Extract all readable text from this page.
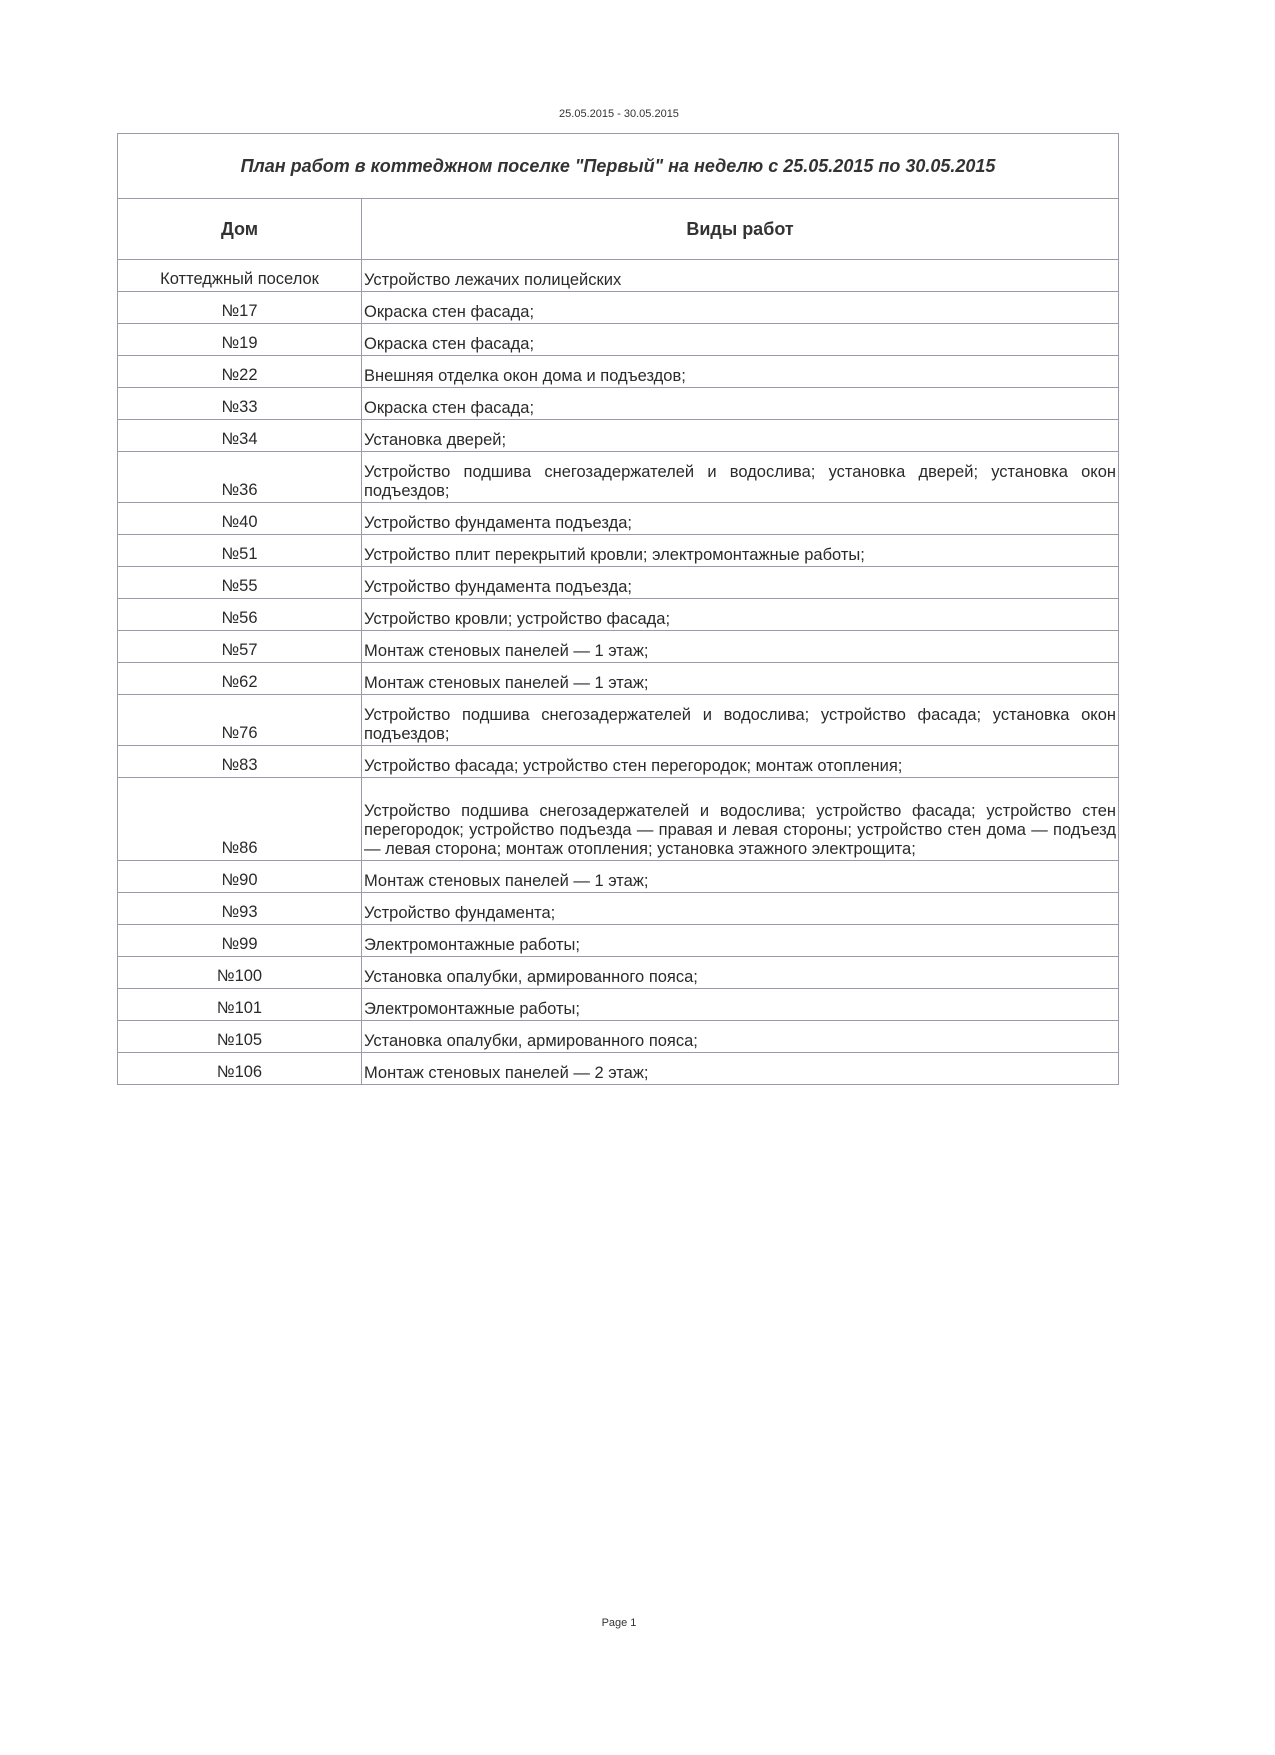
25.05.2015 - 30.05.2015
План работ в коттеджном поселке "Первый" на неделю с 25.05.2015 по 30.05.2015	
Дом	Виды работ
Коттеджный поселок	Устройство лежачих полицейских
№17	Окраска стен фасада;
№19	Окраска стен фасада;
№22	Внешняя отделка окон дома и подъездов;
№33	Окраска стен фасада;
№34	Установка дверей;
№36	Устройство подшива снегозадержателей и водослива; установка дверей; установка окон подъездов;
№40	Устройство фундамента подъезда;
№51	Устройство плит перекрытий кровли; электромонтажные работы;
№55	Устройство фундамента подъезда;
№56	Устройство кровли; устройство фасада;
№57	Монтаж стеновых панелей — 1 этаж;
№62	Монтаж стеновых панелей — 1 этаж;
№76	Устройство подшива снегозадержателей и водослива; устройство фасада; установка окон подъездов;
№83	Устройство фасада; устройство стен перегородок; монтаж отопления;
№86	Устройство подшива снегозадержателей и водослива; устройство фасада; устройство стен перегородок; устройство подъезда — правая и левая стороны; устройство стен дома — подъезд — левая сторона; монтаж отопления; установка этажного электрощита;
№90	Монтаж стеновых панелей — 1 этаж;
№93	Устройство фундамента;
№99	Электромонтажные работы;
№100	Установка опалубки, армированного пояса;
№101	Электромонтажные работы;
№105	Установка опалубки, армированного пояса;
№106	Монтаж стеновых панелей — 2 этаж;
Page 1
